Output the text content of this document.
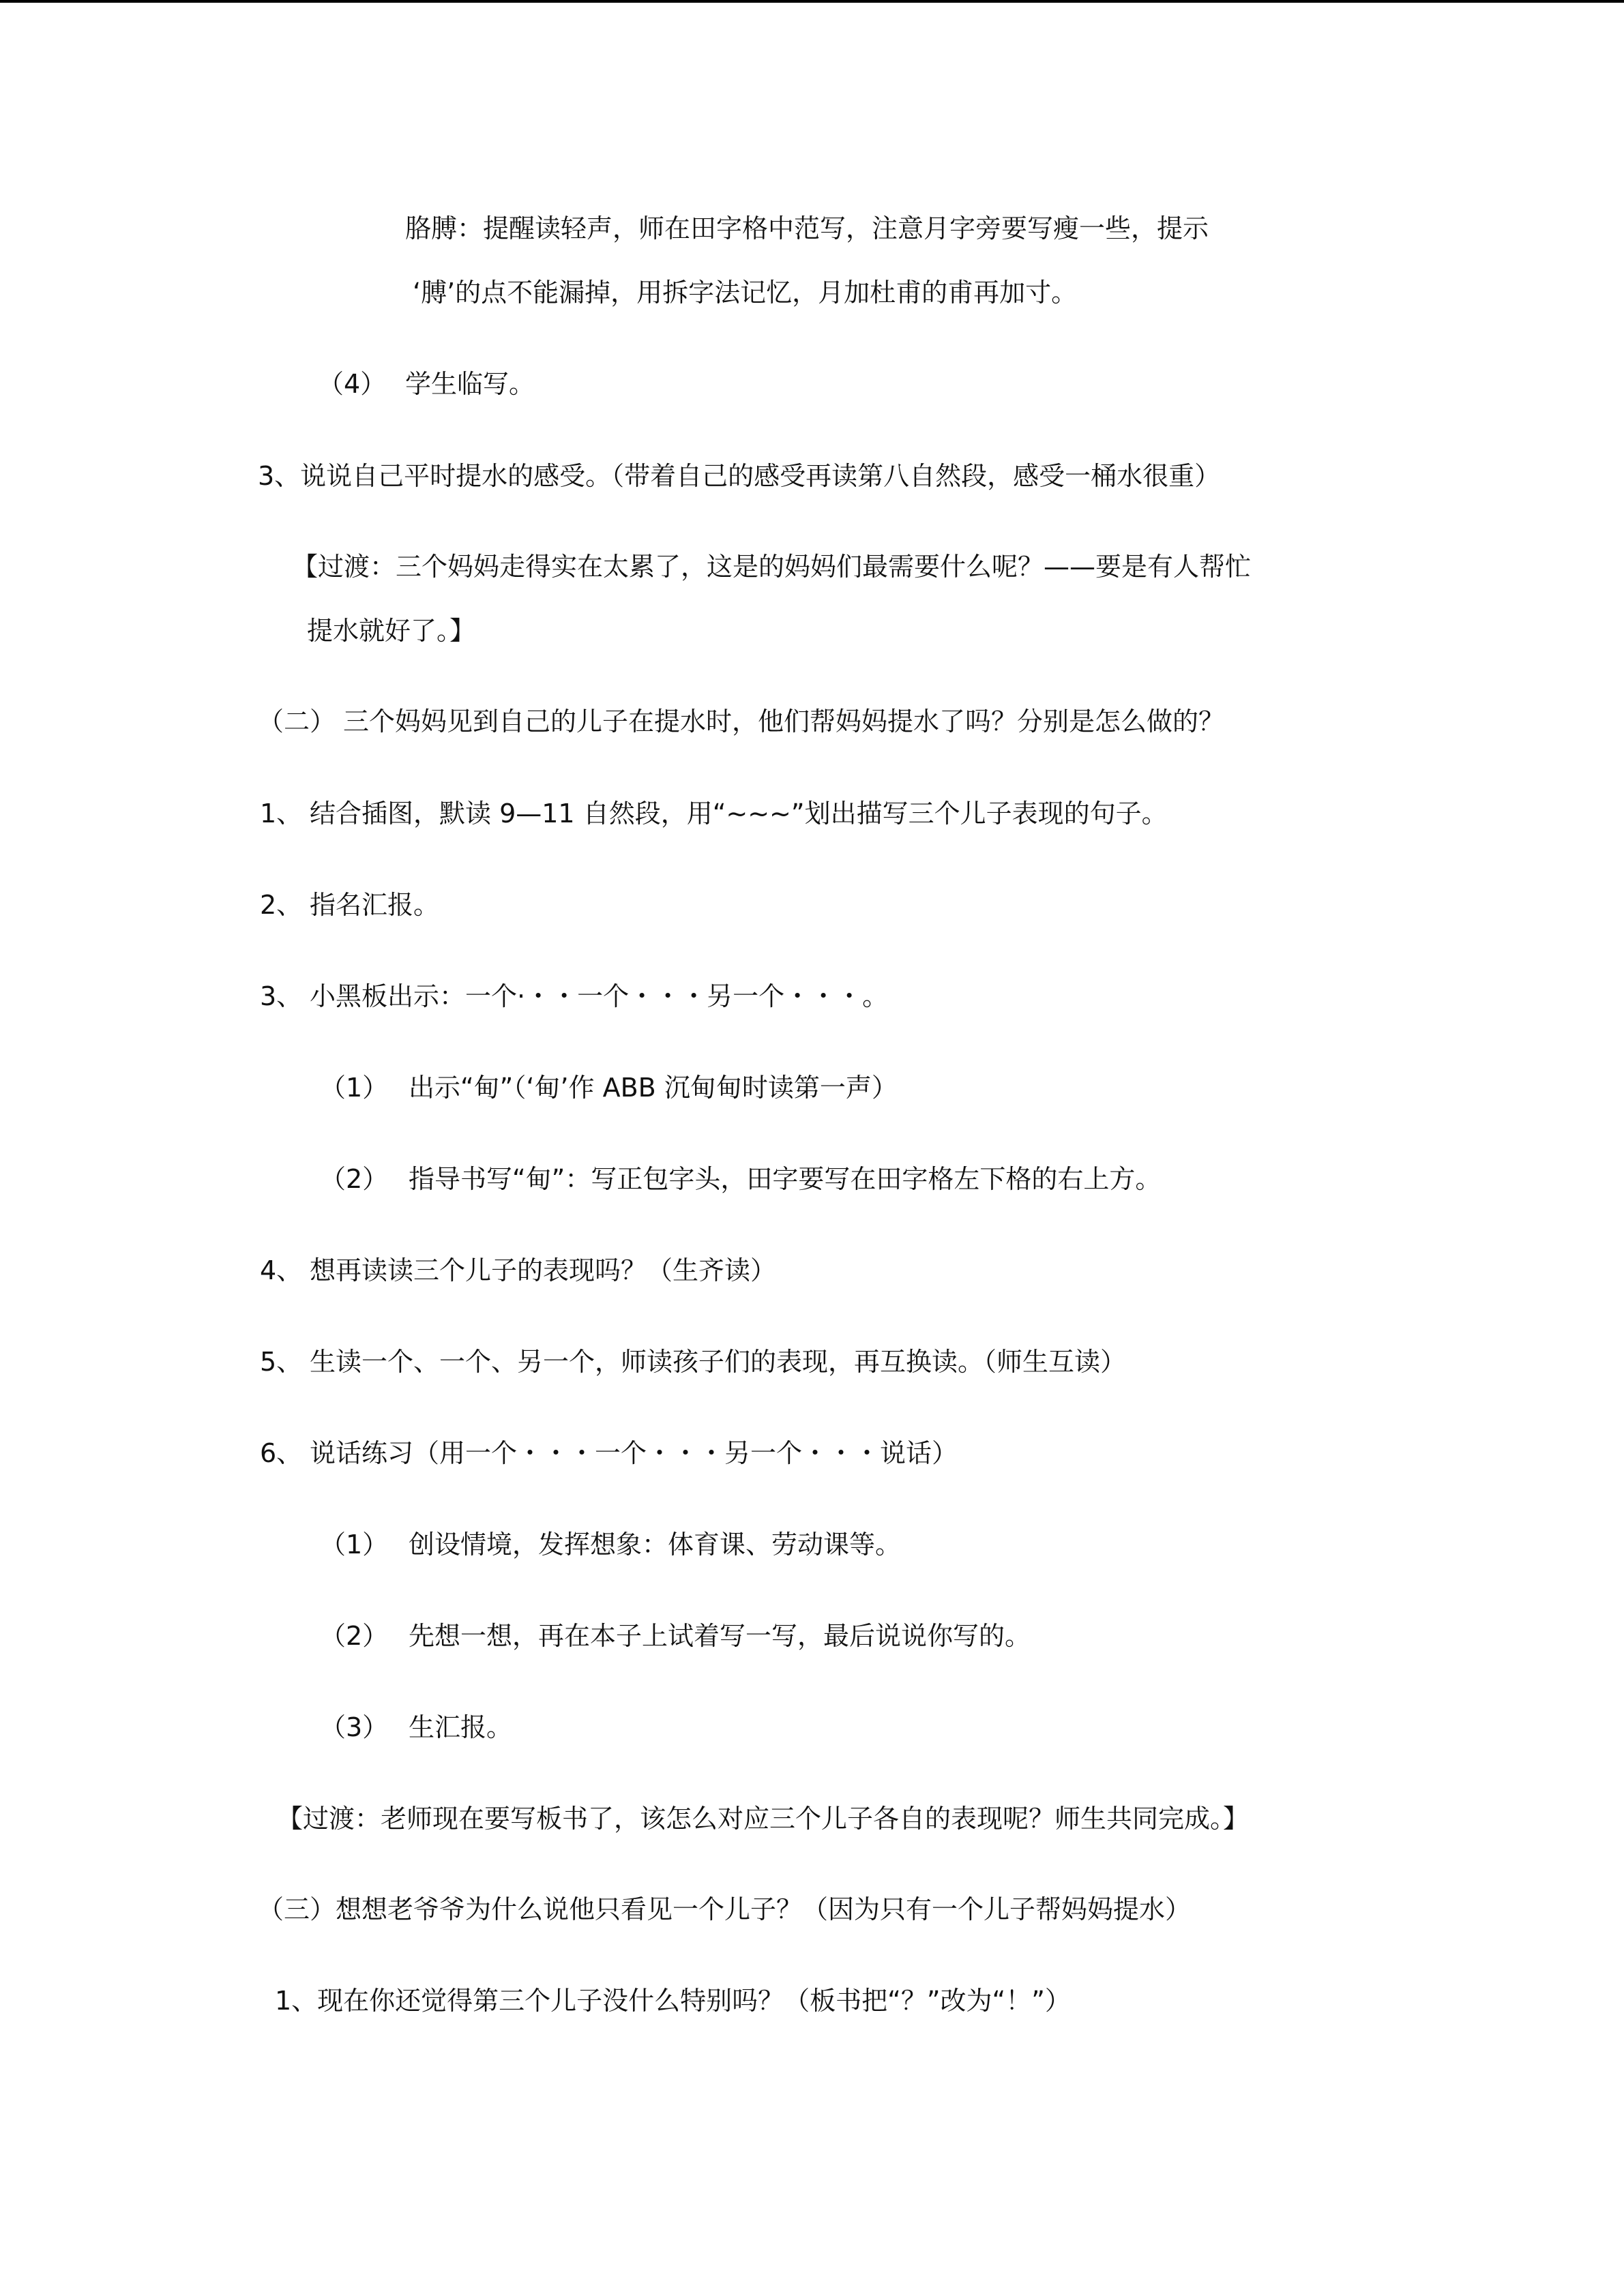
胳膊：提醒读轻声，师在田字格中范写，注意月字旁要写瘦一些，提示
‘膊’的点不能漏掉，用拆字法记忆，月加杜甫的甫再加寸。
（4） 学生临写。
3、说说自己平时提水的感受。（带着自己的感受再读第八自然段，感受一桶水很重）
【过渡：三个妈妈走得实在太累了，这是的妈妈们最需要什么呢？——要是有人帮忙
提水就好了。】
（二） 三个妈妈见到自己的儿子在提水时，他们帮妈妈提水了吗？分别是怎么做的？
1、 结合插图，默读 9—11 自然段，用“~~~”划出描写三个儿子表现的句子。
2、 指名汇报。
3、 小黑板出示：一个·・・一个・・・另一个・・・。
（1） 出示“甸”（‘甸’作 ABB 沉甸甸时读第一声）
（2） 指导书写“甸”：写正包字头，田字要写在田字格左下格的右上方。
4、 想再读读三个儿子的表现吗？（生齐读）
5、 生读一个、一个、另一个，师读孩子们的表现，再互换读。（师生互读）
6、 说话练习（用一个・・・一个・・・另一个・・・说话）
（1） 创设情境，发挥想象：体育课、劳动课等。
（2） 先想一想，再在本子上试着写一写，最后说说你写的。
（3） 生汇报。
【过渡：老师现在要写板书了，该怎么对应三个儿子各自的表现呢？师生共同完成。】
（三）想想老爷爷为什么说他只看见一个儿子？（因为只有一个儿子帮妈妈提水）
1、现在你还觉得第三个儿子没什么特别吗？（板书把“？”改为“！”）
